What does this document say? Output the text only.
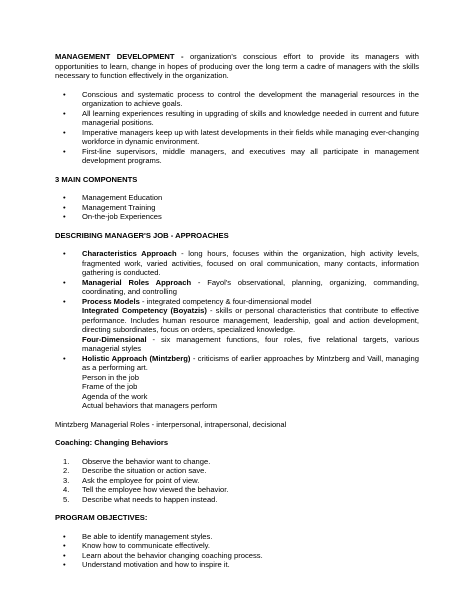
MANAGEMENT DEVELOPMENT - organization's conscious effort to provide its managers with opportunities to learn, change in hopes of producing over the long term a cadre of managers with the skills necessary to function effectively in the organization.

• Conscious and systematic process to control the development the managerial resources in the organization to achieve goals.
• All learning experiences resulting in upgrading of skills and knowledge needed in current and future managerial positions.
• Imperative managers keep up with latest developments in their fields while managing ever-changing workforce in dynamic environment.
• First-line supervisors, middle managers, and executives may all participate in management development programs.

3 MAIN COMPONENTS

• Management Education
• Management Training
• On-the-job Experiences

DESCRIBING MANAGER'S JOB - APPROACHES

• Characteristics Approach - long hours, focuses within the organization, high activity levels, fragmented work, varied activities, focused on oral communication, many contacts, information gathering is conducted.
• Managerial Roles Approach - Fayol's observational, planning, organizing, commanding, coordinating, and controlling
• Process Models - integrated competency & four-dimensional model
Integrated Competency (Boyatzis) - skills or personal characteristics that contribute to effective performance. Includes human resource management, leadership, goal and action development, directing subordinates, focus on orders, specialized knowledge.
Four-Dimensional - six management functions, four roles, five relational targets, various managerial styles
• Holistic Approach (Mintzberg) - criticisms of earlier approaches by Mintzberg and Vaill, managing as a performing art.
Person in the job
Frame of the job
Agenda of the work
Actual behaviors that managers perform

Mintzberg Managerial Roles - interpersonal, intrapersonal, decisional

Coaching: Changing Behaviors

1. Observe the behavior want to change.
2. Describe the situation or action save.
3. Ask the employee for point of view.
4. Tell the employee how viewed the behavior.
5. Describe what needs to happen instead.

PROGRAM OBJECTIVES:

• Be able to identify management styles.
• Know how to communicate effectively.
• Learn about the behavior changing coaching process.
• Understand motivation and how to inspire it.
